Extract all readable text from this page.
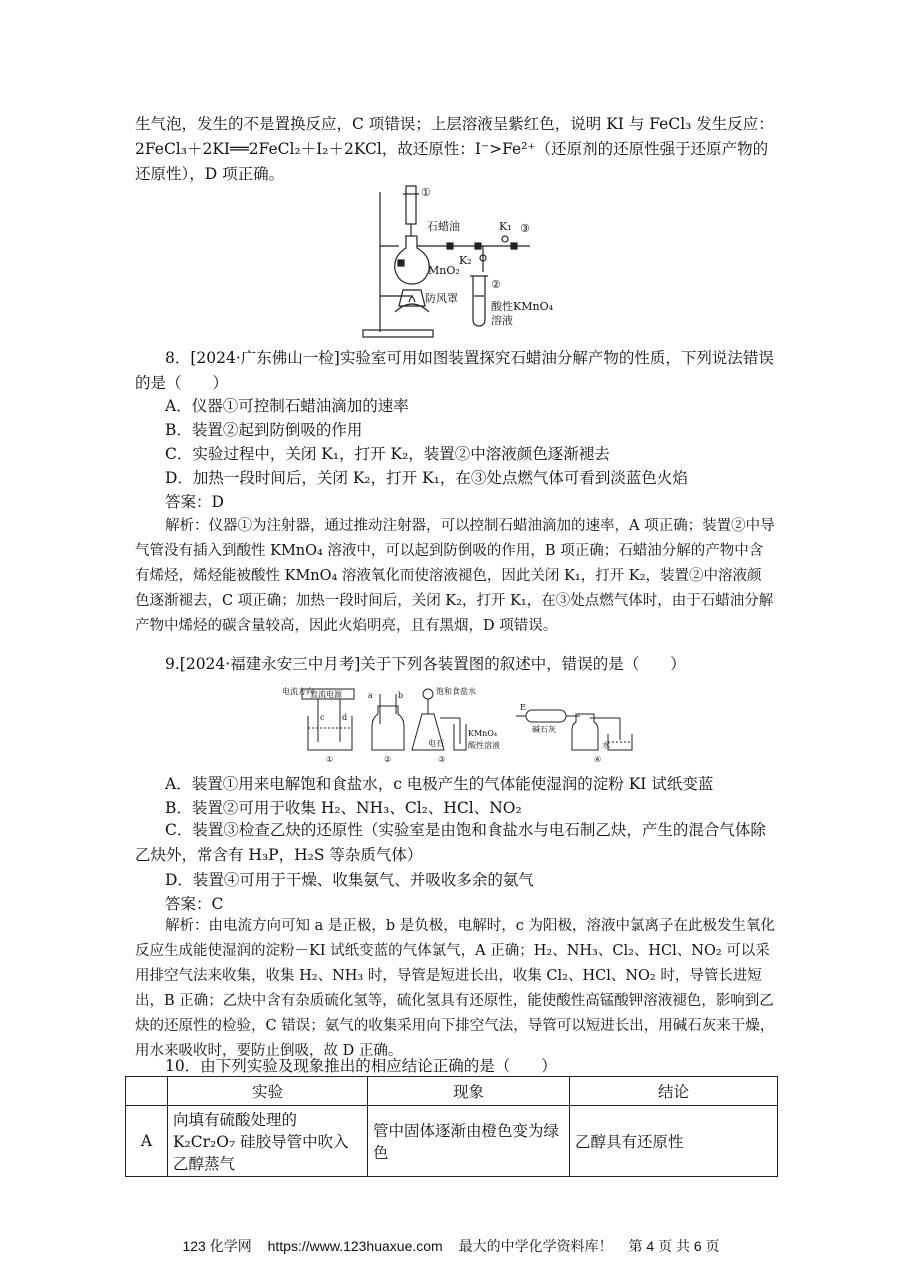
生气泡，发生的不是置换反应，C 项错误；上层溶液呈紫红色，说明 KI 与 FeCl₃ 发生反应：2FeCl₃＋2KI══2FeCl₂＋I₂＋2KCl，故还原性：I⁻>Fe²⁺（还原剂的还原性强于还原产物的还原性），D 项正确。
①
石蜡油	K₁ ③
K₂
MnO₂
②
防风罩
酸性KMnO₄
溶液
8．[2024·广东佛山一检]实验室可用如图装置探究石蜡油分解产物的性质，下列说法错误的是（　　）
A．仪器①可控制石蜡油滴加的速率
B．装置②起到防倒吸的作用
C．实验过程中，关闭 K₁，打开 K₂，装置②中溶液颜色逐渐褪去
D．加热一段时间后，关闭 K₂，打开 K₁，在③处点燃气体可看到淡蓝色火焰
答案：D
解析：仪器①为注射器，通过推动注射器，可以控制石蜡油滴加的速率，A 项正确；装置②中导气管没有插入到酸性 KMnO₄ 溶液中，可以起到防倒吸的作用，B 项正确；石蜡油分解的产物中含有烯烃，烯烃能被酸性 KMnO₄ 溶液氧化而使溶液褪色，因此关闭 K₁，打开 K₂，装置②中溶液颜色逐渐褪去，C 项正确；加热一段时间后，关闭 K₂，打开 K₁，在③处点燃气体时，由于石蜡油分解产物中烯烃的碳含量较高，因此火焰明亮，且有黑烟，D 项错误。
9.[2024·福建永安三中月考]关于下列各装置图的叙述中，错误的是（　　）
电流方向
直流电源	a	b
c d
饱和食盐水
电石
KMnO₄
酸性溶液
E
碱石灰
水
①	②	③	④
A．装置①用来电解饱和食盐水，c 电极产生的气体能使湿润的淀粉 KI 试纸变蓝
B．装置②可用于收集 H₂、NH₃、Cl₂、HCl、NO₂
C．装置③检查乙炔的还原性（实验室是由饱和食盐水与电石制乙炔，产生的混合气体除乙炔外，常含有 H₃P，H₂S 等杂质气体）
D．装置④可用于干燥、收集氨气、并吸收多余的氨气
答案：C
解析：由电流方向可知 a 是正极，b 是负极，电解时，c 为阳极，溶液中氯离子在此极发生氧化反应生成能使湿润的淀粉－KI 试纸变蓝的气体氯气，A 正确；H₂、NH₃、Cl₂、HCl、NO₂ 可以采用排空气法来收集，收集 H₂、NH₃ 时，导管是短进长出，收集 Cl₂、HCl、NO₂ 时，导管长进短出，B 正确；乙炔中含有杂质硫化氢等，硫化氢具有还原性，能使酸性高锰酸钾溶液褪色，影响到乙炔的还原性的检验，C 错误；氨气的收集采用向下排空气法，导管可以短进长出，用碱石灰来干燥，用水来吸收时，要防止倒吸，故 D 正确。
10．由下列实验及现象推出的相应结论正确的是（　　）
	实验	现象	结论
A	向填有硫酸处理的 K₂Cr₂O₇ 硅胶导管中吹入乙醇蒸气	管中固体逐渐由橙色变为绿色	乙醇具有还原性
123 化学网 https://www.123huaxue.com 最大的中学化学资料库！ 第 4 页 共 6 页
